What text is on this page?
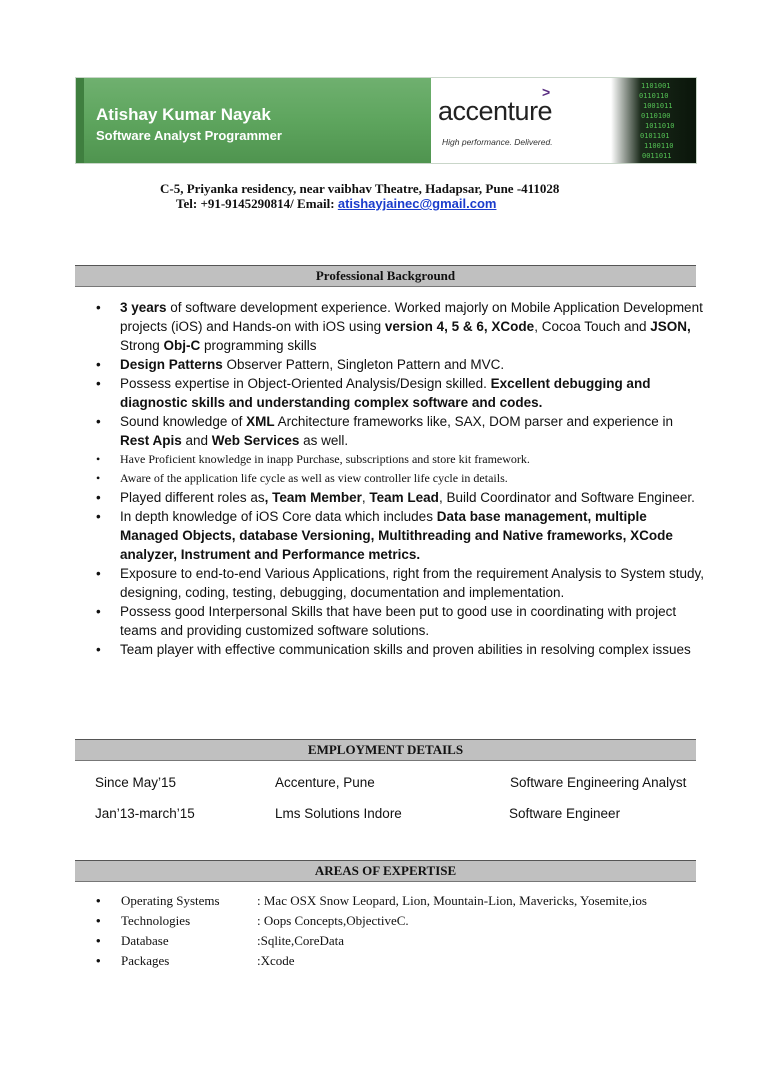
Atishay Kumar Nayak
Software Analyst Programmer
accenture
>
High performance. Delivered.
1101001
0110110
1001011
0110100
1011010
0101101
1100110
0011011
C-5, Priyanka residency, near vaibhav Theatre, Hadapsar, Pune -411028
Tel: +91-9145290814/ Email: atishayjainec@gmail.com
Professional Background
• 3 years of software development experience. Worked majorly on Mobile Application Development projects (iOS) and Hands-on with iOS using version 4, 5 & 6, XCode, Cocoa Touch and JSON, Strong Obj-C programming skills
• Design Patterns Observer Pattern, Singleton Pattern and MVC.
• Possess expertise in Object-Oriented Analysis/Design skilled. Excellent debugging and diagnostic skills and understanding complex software and codes.
• Sound knowledge of XML Architecture frameworks like, SAX, DOM parser and experience in Rest Apis and Web Services as well.
• Have Proficient knowledge in inapp Purchase, subscriptions and store kit framework.
• Aware of the application life cycle as well as view controller life cycle in details.
• Played different roles as, Team Member, Team Lead, Build Coordinator and Software Engineer.
• In depth knowledge of iOS Core data which includes Data base management, multiple Managed Objects, database Versioning, Multithreading and Native frameworks, XCode analyzer, Instrument and Performance metrics.
• Exposure to end-to-end Various Applications, right from the requirement Analysis to System study, designing, coding, testing, debugging, documentation and implementation.
• Possess good Interpersonal Skills that have been put to good use in coordinating with project teams and providing customized software solutions.
• Team player with effective communication skills and proven abilities in resolving complex issues
EMPLOYMENT DETAILS
Since May’15	Accenture, Pune	Software Engineering Analyst
Jan’13-march’15	Lms Solutions Indore	Software Engineer
AREAS OF EXPERTISE
• Operating Systems	: Mac OSX Snow Leopard, Lion, Mountain-Lion, Mavericks, Yosemite,ios
• Technologies	: Oops Concepts,ObjectiveC.
• Database	:Sqlite,CoreData
• Packages	:Xcode
